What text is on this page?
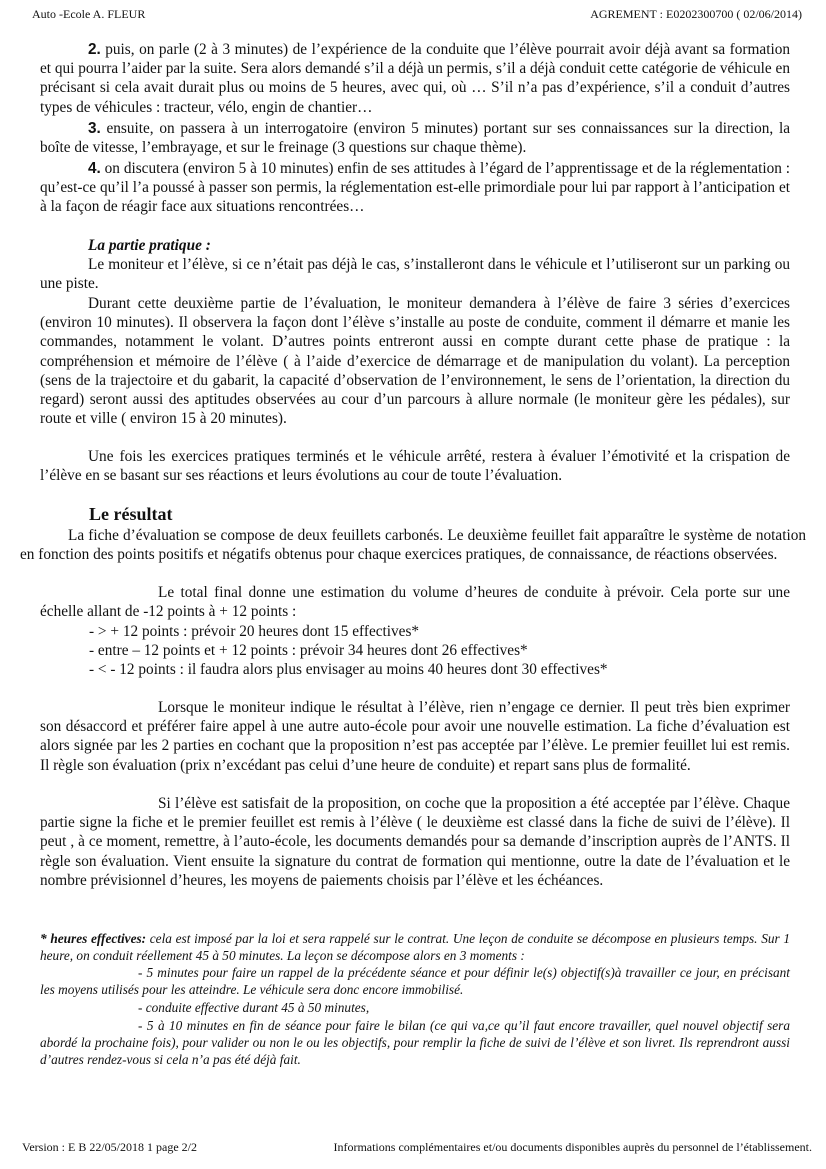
Auto -Ecole A. FLEUR	AGREMENT : E0202300700 ( 02/06/2014)

2. puis, on parle (2 à 3 minutes) de l’expérience de la conduite que l’élève pourrait avoir déjà avant sa formation et qui pourra l’aider par la suite. Sera alors demandé s’il a déjà un permis, s’il a déjà conduit cette catégorie de véhicule en précisant si cela avait durait plus ou moins de 5 heures, avec qui, où … S’il n’a pas d’expérience, s’il a conduit d’autres types de véhicules : tracteur, vélo, engin de chantier…

3. ensuite, on passera à un interrogatoire (environ 5 minutes) portant sur ses connaissances sur la direction, la boîte de vitesse, l’embrayage, et sur le freinage (3 questions sur chaque thème).

4. on discutera (environ 5 à 10 minutes) enfin de ses attitudes à l’égard de l’apprentissage et de la réglementation : qu’est-ce qu’il l’a poussé à passer son permis, la réglementation est-elle primordiale pour lui par rapport à l’anticipation et à la façon de réagir face aux situations rencontrées…

La partie pratique :

Le moniteur et l’élève, si ce n’était pas déjà le cas, s’installeront dans le véhicule et l’utiliseront sur un parking ou une piste.

Durant cette deuxième partie de l’évaluation, le moniteur demandera à l’élève de faire 3 séries d’exercices (environ 10 minutes). Il observera la façon dont l’élève s’installe au poste de conduite, comment il démarre et manie les commandes, notamment le volant. D’autres points entreront aussi en compte durant cette phase de pratique : la compréhension et mémoire de l’élève ( à l’aide d’exercice de démarrage et de manipulation du volant). La perception (sens de la trajectoire et du gabarit, la capacité d’observation de l’environnement, le sens de l’orientation, la direction du regard) seront aussi des aptitudes observées au cour d’un parcours à allure normale (le moniteur gère les pédales), sur route et ville ( environ 15 à 20 minutes).

Une fois les exercices pratiques terminés et le véhicule arrêté, restera à évaluer l’émotivité et la crispation de l’élève en se basant sur ses réactions et leurs évolutions au cour de toute l’évaluation.

Le résultat

La fiche d’évaluation se compose de deux feuillets carbonés. Le deuxième feuillet fait apparaître le système de notation en fonction des points positifs et négatifs obtenus pour chaque exercices pratiques, de connaissance, de réactions observées.

Le total final donne une estimation du volume d’heures de conduite à prévoir. Cela porte sur une échelle allant de -12 points à + 12 points :

- > + 12 points : prévoir 20 heures dont 15 effectives*

- entre – 12 points et + 12 points : prévoir 34 heures dont 26 effectives*

- < - 12 points : il faudra alors plus envisager au moins 40 heures dont 30 effectives*

Lorsque le moniteur indique le résultat à l’élève, rien n’engage ce dernier. Il peut très bien exprimer son désaccord et préférer faire appel à une autre auto-école pour avoir une nouvelle estimation. La fiche d’évaluation est alors signée par les 2 parties en cochant que la proposition n’est pas acceptée par l’élève. Le premier feuillet lui est remis. Il règle son évaluation (prix n’excédant pas celui d’une heure de conduite) et repart sans plus de formalité.

Si l’élève est satisfait de la proposition, on coche que la proposition a été acceptée par l’élève. Chaque partie signe la fiche et le premier feuillet est remis à l’élève ( le deuxième est classé dans la fiche de suivi de l’élève). Il peut , à ce moment, remettre, à l’auto-école, les documents demandés pour sa demande d’inscription auprès de l’ANTS. Il règle son évaluation. Vient ensuite la signature du contrat de formation qui mentionne, outre la date de l’évaluation et le nombre prévisionnel d’heures, les moyens de paiements choisis par l’élève et les échéances.

* heures effectives: cela est imposé par la loi et sera rappelé sur le contrat. Une leçon de conduite se décompose en plusieurs temps. Sur 1 heure, on conduit réellement 45 à 50 minutes. La leçon se décompose alors en 3 moments :

- 5 minutes pour faire un rappel de la précédente séance et pour définir le(s) objectif(s)à travailler ce jour, en précisant les moyens utilisés pour les atteindre. Le véhicule sera donc encore immobilisé.

- conduite effective durant 45 à 50 minutes,

- 5 à 10 minutes en fin de séance pour faire le bilan (ce qui va,ce qu’il faut encore travailler, quel nouvel objectif sera abordé la prochaine fois), pour valider ou non le ou les objectifs, pour remplir la fiche de suivi de l’élève et son livret. Ils reprendront aussi d’autres rendez-vous si cela n’a pas été déjà fait.

Version : E B 22/05/2018 1 page 2/2	Informations complémentaires et/ou documents disponibles auprès du personnel de l’établissement.
